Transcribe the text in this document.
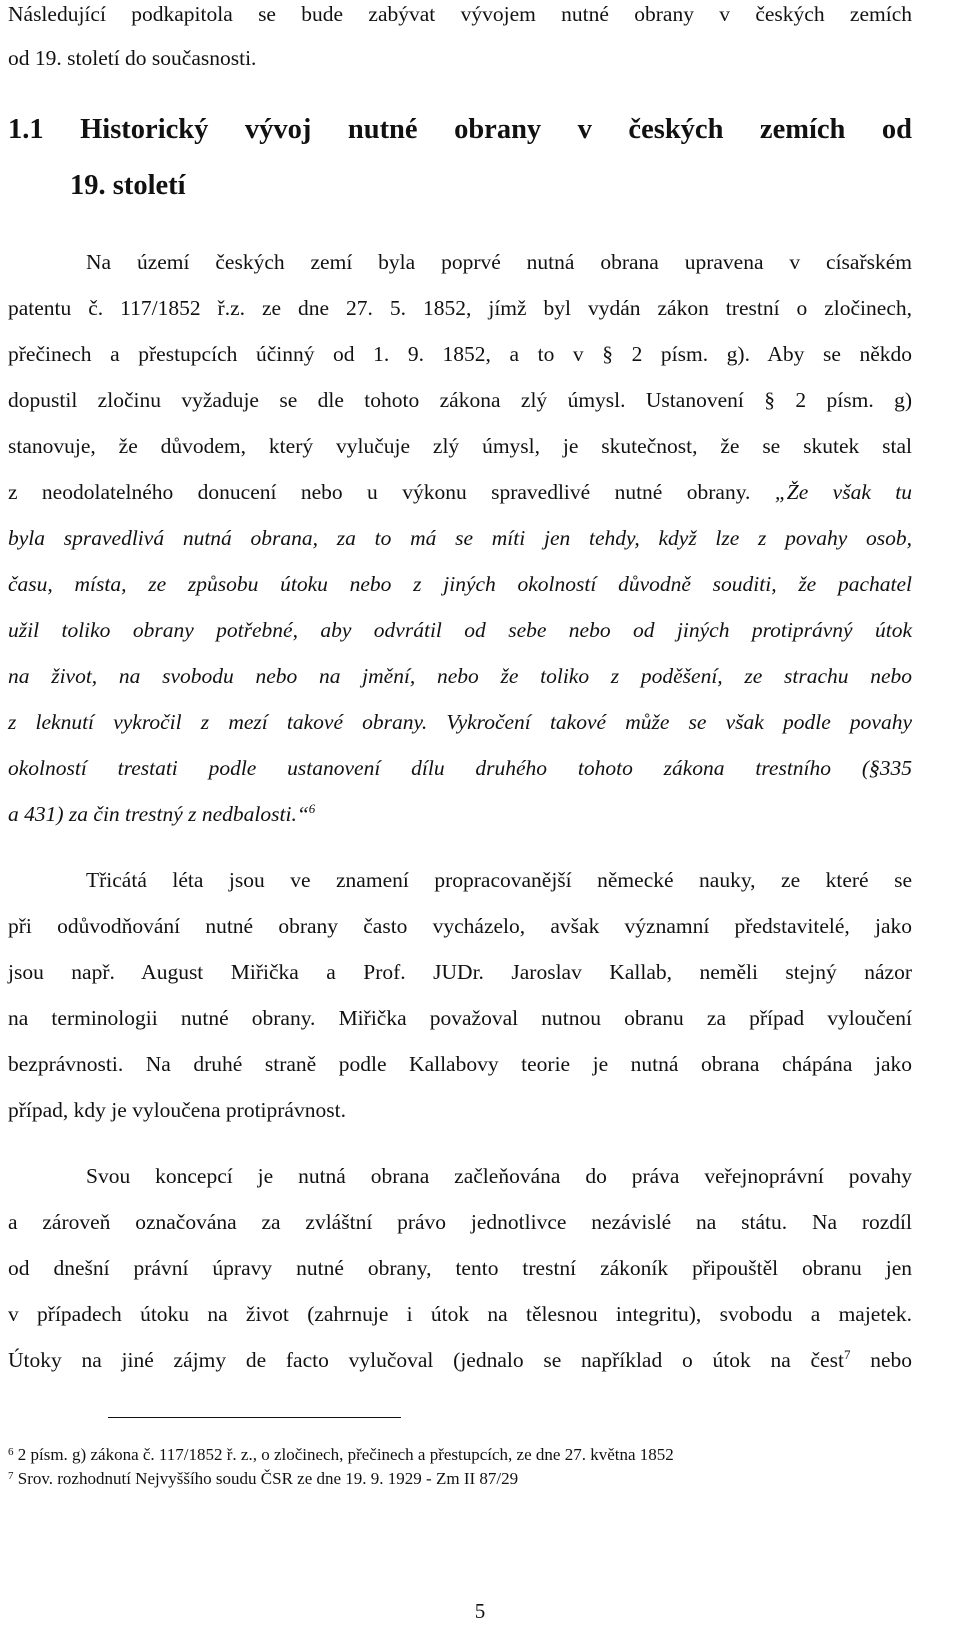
Následující podkapitola se bude zabývat vývojem nutné obrany v českých zemích
od 19. století do současnosti.
1.1 Historický vývoj nutné obrany v českých zemích od
19. století
Na území českých zemí byla poprvé nutná obrana upravena v císařském
patentu č. 117/1852 ř.z. ze dne 27. 5. 1852, jímž byl vydán zákon trestní o zločinech,
přečinech a přestupcích účinný od 1. 9. 1852, a to v § 2 písm. g). Aby se někdo
dopustil zločinu vyžaduje se dle tohoto zákona zlý úmysl. Ustanovení § 2 písm. g)
stanovuje, že důvodem, který vylučuje zlý úmysl, je skutečnost, že se skutek stal
z neodolatelného donucení nebo u výkonu spravedlivé nutné obrany. „Že však tu
byla spravedlivá nutná obrana, za to má se míti jen tehdy, když lze z povahy osob,
času, místa, ze způsobu útoku nebo z jiných okolností důvodně souditi, že pachatel
užil toliko obrany potřebné, aby odvrátil od sebe nebo od jiných protiprávný útok
na život, na svobodu nebo na jmění, nebo že toliko z poděšení, ze strachu nebo
z leknutí vykročil z mezí takové obrany. Vykročení takové může se však podle povahy
okolností trestati podle ustanovení dílu druhého tohoto zákona trestního (§335
a 431) za čin trestný z nedbalosti.“$^6$
Třicátá léta jsou ve znamení propracovanější německé nauky, ze které se
při odůvodňování nutné obrany často vycházelo, avšak významní představitelé, jako
jsou např. August Miřička a Prof. JUDr. Jaroslav Kallab, neměli stejný názor
na terminologii nutné obrany. Miřička považoval nutnou obranu za případ vyloučení
bezprávnosti. Na druhé straně podle Kallabovy teorie je nutná obrana chápána jako
případ, kdy je vyloučena protiprávnost.
Svou koncepcí je nutná obrana začleňována do práva veřejnoprávní povahy
a zároveň označována za zvláštní právo jednotlivce nezávislé na státu. Na rozdíl
od dnešní právní úpravy nutné obrany, tento trestní zákoník připouštěl obranu jen
v případech útoku na život (zahrnuje i útok na tělesnou integritu), svobodu a majetek.
Útoky na jiné zájmy de facto vylučoval (jednalo se například o útok na čest$^7$ nebo
$^6$ 2 písm. g) zákona č. 117/1852 ř. z., o zločinech, přečinech a přestupcích, ze dne 27. května 1852
$^7$ Srov. rozhodnutí Nejvyššího soudu ČSR ze dne 19. 9. 1929 - Zm II 87/29
5
